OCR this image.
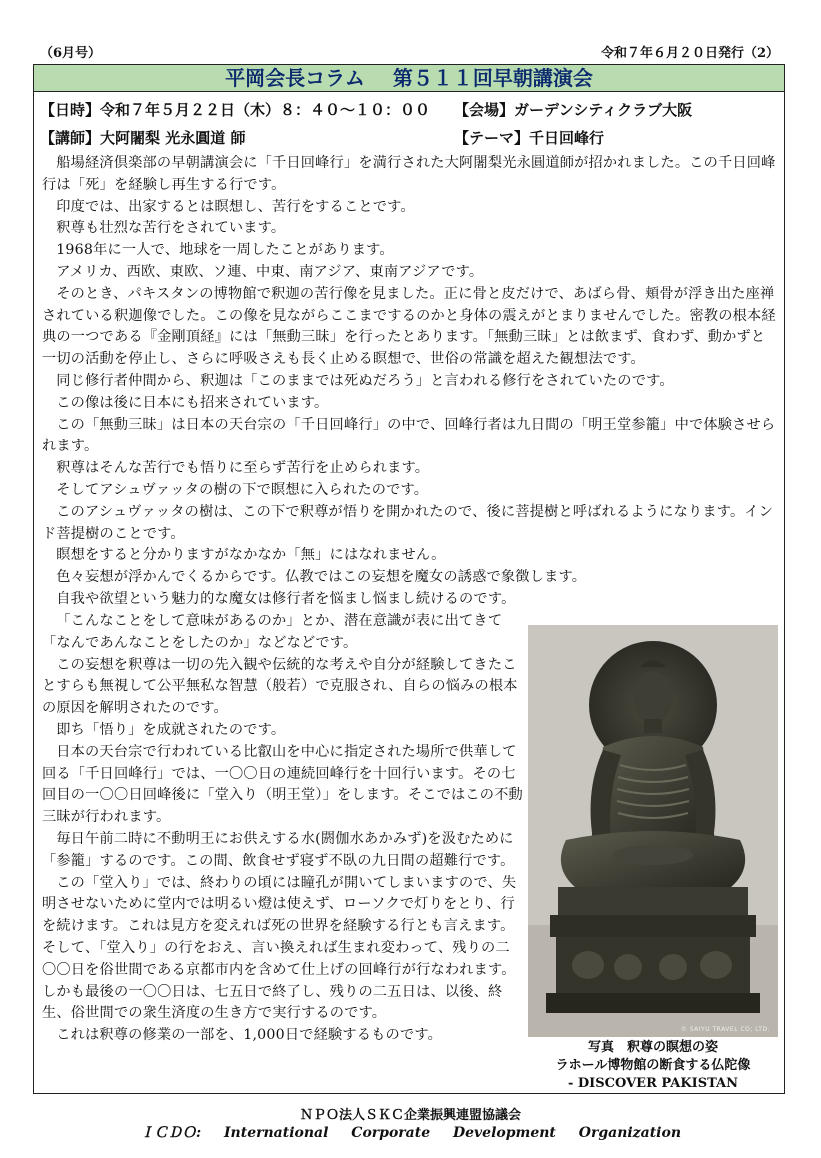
（6月号）	令和７年６月２０日発行（2）
平岡会長コラム 第５１１回早朝講演会
【日時】令和７年５月２２日（木）８：４０～１０：００ 【会場】ガーデンシティクラブ大阪
【講師】大阿闍梨 光永圓道 師	【テーマ】千日回峰行

船場経済倶楽部の早朝講演会に「千日回峰行」を満行された大阿闍梨光永圓道師が招かれました。この千日回峰行は「死」を経験し再生する行です。

印度では、出家するとは瞑想し、苦行をすることです。

釈尊も壮烈な苦行をされています。

1968年に一人で、地球を一周したことがあります。

アメリカ、西欧、東欧、ソ連、中東、南アジア、東南アジアです。

そのとき、パキスタンの博物館で釈迦の苦行像を見ました。正に骨と皮だけで、あばら骨、頬骨が浮き出た座禅されている釈迦像でした。この像を見ながらここまでするのかと身体の震えがとまりませんでした。密教の根本経典の一つである『金剛頂経』には「無動三昧」を行ったとあります。「無動三昧」とは飲まず、食わず、動かずと一切の活動を停止し、さらに呼吸さえも長く止める瞑想で、世俗の常識を超えた観想法です。

同じ修行者仲間から、釈迦は「このままでは死ぬだろう」と言われる修行をされていたのです。

この像は後に日本にも招来されています。

この「無動三昧」は日本の天台宗の「千日回峰行」の中で、回峰行者は九日間の「明王堂参籠」中で体験させられます。

釈尊はそんな苦行でも悟りに至らず苦行を止められます。

そしてアシュヴァッタの樹の下で瞑想に入られたのです。

このアシュヴァッタの樹は、この下で釈尊が悟りを開かれたので、後に菩提樹と呼ばれるようになります。インド菩提樹のことです。

瞑想をすると分かりますがなかなか「無」にはなれません。

色々妄想が浮かんでくるからです。仏教ではこの妄想を魔女の誘惑で象徴します。

自我や欲望という魅力的な魔女は修行者を悩まし悩まし続けるのです。

「こんなことをして意味があるのか」とか、潜在意識が表に出てきて「なんであんなことをしたのか」などなどです。

この妄想を釈尊は一切の先入観や伝統的な考えや自分が経験してきたことすらも無視して公平無私な智慧（般若）で克服され、自らの悩みの根本の原因を解明されたのです。

即ち「悟り」を成就されたのです。

日本の天台宗で行われている比叡山を中心に指定された場所で供華して回る「千日回峰行」では、一〇〇日の連続回峰行を十回行います。その七回目の一〇〇日回峰後に「堂入り（明王堂）」をします。そこではこの不動三昧が行われます。

毎日午前二時に不動明王にお供えする水(閼伽水あかみず)を汲むために「参籠」するのです。この間、飲食せず寝ず不臥の九日間の超難行です。

この「堂入り」では、終わりの頃には瞳孔が開いてしまいますので、失明させないために堂内では明るい燈は使えず、ローソクで灯りをとり、行を続けます。これは見方を変えれば死の世界を経験する行とも言えます。そして、「堂入り」の行をおえ、言い換えれば生まれ変わって、残りの二〇〇日を俗世間である京都市内を含めて仕上げの回峰行が行なわれます。しかも最後の一〇〇日は、七五日で終了し、残りの二五日は、以後、終生、俗世間での衆生済度の生き方で実行するのです。

これは釈尊の修業の一部を、1,000日で経験するものです。	© SAIYU TRAVEL CO; LTD.
写真　釈尊の瞑想の姿
ラホール博物館の断食する仏陀像
- DISCOVER PAKISTAN
ＮＰＯ法人ＳＫＣ企業振興連盟協議会
ＩＣＤＯ: International Corporate Development Organization
